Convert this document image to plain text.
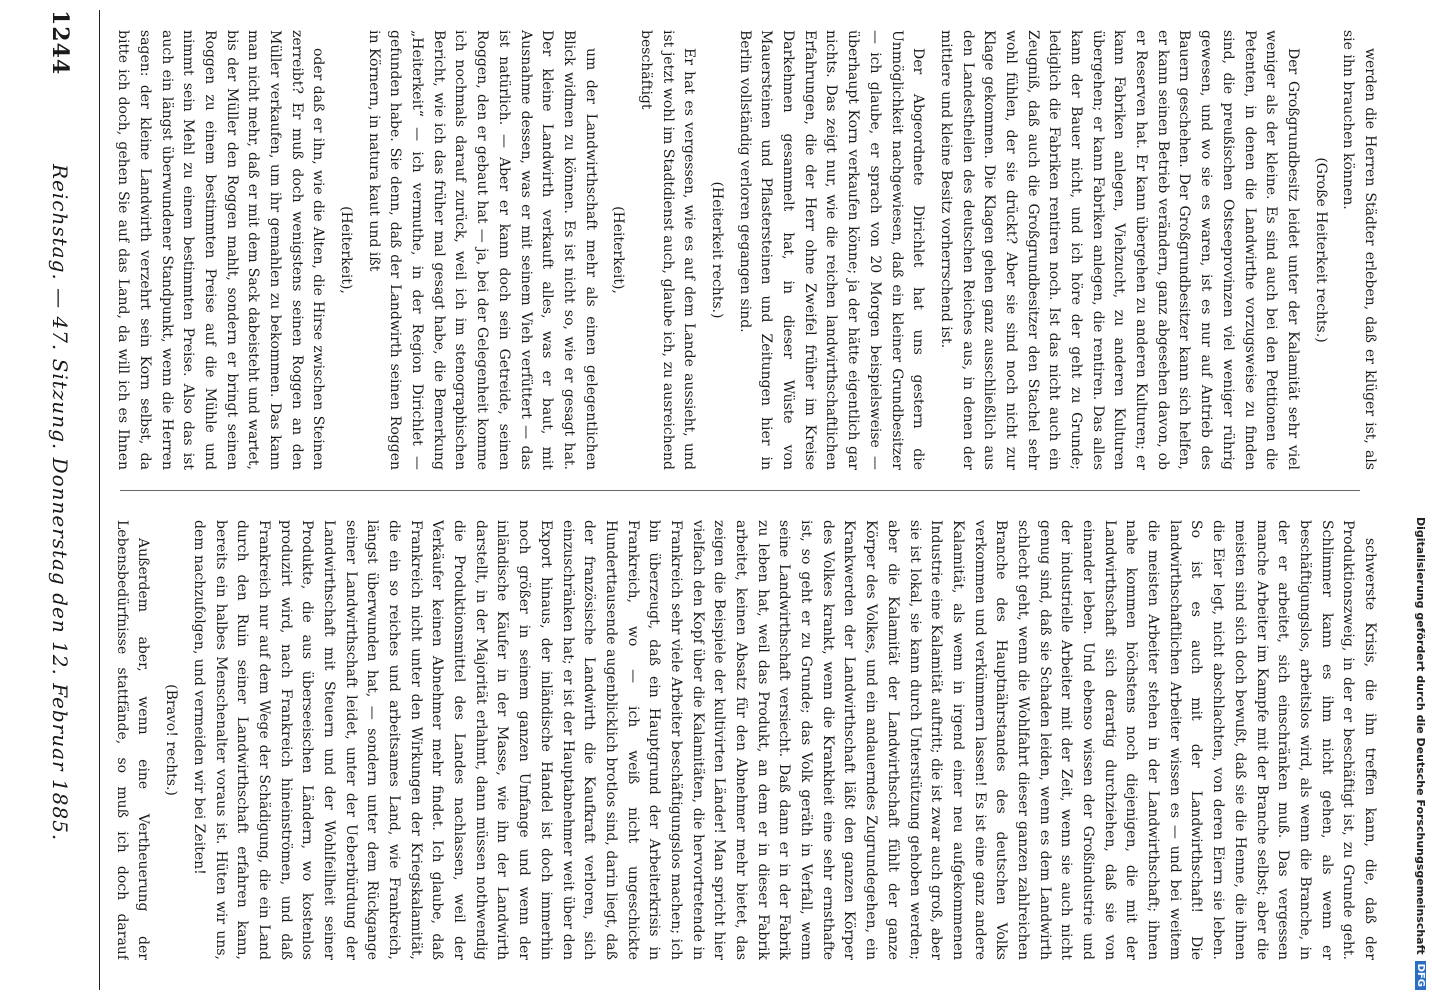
1244
Reichstag. — 47. Sitzung. Donnerstag den 12. Februar 1885.	werden die Herren Städter erleben, daß er klüger ist, als sie ihn brauchen können.

(Große Heiterkeit rechts.)

Der Großgrundbesitz leidet unter der Kalamität sehr viel weniger als der kleine. Es sind auch bei den Petitionen die Petenten, in denen die Landwirthe vorzugsweise zu finden sind, die preußischen Ostseeprovinzen viel weniger rührig gewesen, und wo sie es waren, ist es nur auf Antrieb des Bauern geschehen. Der Großgrundbesitzer kann sich helfen, er kann seinen Betrieb verändern, ganz abgesehen davon, ob er Reserven hat. Er kann übergehen zu anderen Kulturen; er kann Fabriken anlegen, Viehzucht, zu anderen Kulturen übergehen; er kann Fabriken anlegen, die rentiren. Das alles kann der Bauer nicht, und ich höre der geht zu Grunde; lediglich die Fabriken rentiren noch. Ist das nicht auch ein Zeugniß, daß auch die Großgrundbesitzer den Stachel sehr wohl fühlen, der sie drückt? Aber sie sind noch nicht zur Klage gekommen. Die Klagen gehen ganz ausschließlich aus den Landestheilen des deutschen Reiches aus, in denen der mittlere und kleine Besitz vorherrschend ist.

Der Abgeordnete Dirichlet hat uns gestern die Unmöglichkeit nachgewiesen, daß ein kleiner Grundbesitzer — ich glaube, er sprach von 20 Morgen beispielsweise — überhaupt Korn verkaufen könne; ja der hätte eigentlich gar nichts. Das zeigt nur, wie die reichen landwirthschaftlichen Erfahrungen, die der Herr ohne Zweifel früher im Kreise Darkehmen gesammelt hat, in dieser Wüste von Mauersteinen und Pflastersteinen und Zeitungen hier in Berlin vollständig verloren gegangen sind.

(Heiterkeit rechts.)

Er hat es vergessen, wie es auf dem Lande aussieht, und ist jetzt wohl im Stadtdienst auch, glaube ich, zu ausreichend beschäftigt

(Heiterkeit),

um der Landwirthschaft mehr als einen gelegentlichen Blick widmen zu können. Es ist nicht so, wie er gesagt hat. Der kleine Landwirth verkauft alles, was er baut, mit Ausnahme dessen, was er mit seinem Vieh verfüttert — das ist natürlich. — Aber er kann doch sein Getreide, seinen Roggen, den er gebaut hat — ja, bei der Gelegenheit komme ich nochmals darauf zurück, weil ich im stenographischen Bericht, wie ich das früher mal gesagt habe, die Bemerkung „Heiterkeit“ — ich vermuthe, in der Region Dirichlet — gefunden habe. Sie denn, daß der Landwirth seinen Roggen in Körnern, in natura kaut und ißt

(Heiterkeit),

oder daß er ihn, wie die Alten, die Hirse zwischen Steinen zerreibt? Er muß doch wenigstens seinen Roggen an den Müller verkaufen, um ihr gemahlen zu bekommen. Das kann man nicht mehr, daß er mit dem Sack dabeisteht und wartet, bis der Müller den Roggen mahlt, sondern er bringt seinen Roggen zu einem bestimmten Preise auf die Mühle und nimmt sein Mehl zu einem bestimmten Preise. Also das ist auch ein längst überwundener Standpunkt, wenn die Herren sagen: der kleine Landwirth verzehrt sein Korn selbst, da bitte ich doch, gehen Sie auf das Land, da will ich es Ihnen

schwerste Krisis, die ihn treffen kann, die, daß der Produktionszweig, in der er beschäftigt ist, zu Grunde geht. Schlimmer kann es ihm nicht gehen, als wenn er beschäftigungslos, arbeitslos wird, als wenn die Branche, in der er arbeitet, sich einschränken muß. Das vergessen manche Arbeiter im Kampfe mit der Branche selbst; aber die meisten sind sich doch bewußt, daß sie die Henne, die ihnen die Eier legt, nicht abschlachten, von deren Eiern sie leben. So ist es auch mit der Landwirthschaft! Die landwirthschaftlichen Arbeiter wissen es — und bei weitem die meisten Arbeiter stehen in der Landwirthschaft; ihnen nahe kommen höchstens noch diejenigen, die mit der Landwirthschaft sich derartig durchziehen, daß sie von einander leben. Und ebenso wissen der Großindustrie und der industrielle Arbeiter mit der Zeit, wenn sie auch nicht genug sind, daß sie Schaden leiden, wenn es dem Landwirth schlecht geht, wenn die Wohlfahrt dieser ganzen zahlreichen Branche des Hauptnährstandes des deutschen Volks verkommen und verkümmern lassen! Es ist eine ganz andere Kalamität, als wenn in irgend einer neu aufgekommenen Industrie eine Kalamität auftritt; die ist zwar auch groß, aber sie ist lokal, sie kann durch Unterstützung gehoben werden; aber die Kalamität der Landwirthschaft fühlt der ganze Körper des Volkes, und ein andauerndes Zugrundegehen, ein Krankwerden der Landwirthschaft läßt den ganzen Körper des Volkes krankt, wenn die Krankheit eine sehr ernsthafte ist, so geht er zu Grunde; das Volk geräth in Verfall, wenn seine Landwirthschaft versiecht. Daß dann er in der Fabrik zu leben hat, weil das Produkt, an dem er in dieser Fabrik arbeitet, keinen Absatz für den Abnehmer mehr bietet, das zeigen die Beispiele der kultivirten Länder! Man spricht hier vielfach den Kopf über die Kalamitäten, die hervortretende in Frankreich sehr viele Arbeiter beschäftigungslos machen; ich bin überzeugt, daß ein Hauptgrund der Arbeiterkrisis in Frankreich, wo — ich weiß nicht ungeschickte Hunderttausende augenblicklich brotlos sind, darin liegt, daß der französische Landwirth die Kaufkraft verloren, sich einzuschränken hat; er ist der Hauptabnehmer weit über den Export hinaus, der inländische Handel ist doch immerhin noch größer in seinem ganzen Umfange und wenn der inländische Käufer in der Masse, wie ihn der Landwirth darstellt, in der Majorität erlahmt, dann müssen nothwendig die Produktionsmittel des Landes nachlassen, weil der Verkäufer keinen Abnehmer mehr findet. Ich glaube, daß Frankreich nicht unter den Wirkungen der Kriegskalamität, die ein so reiches und arbeitsames Land, wie Frankreich, längst überwunden hat, — sondern unter dem Rückgange seiner Landwirthschaft leidet, unter der Ueberbürdung der Landwirthschaft mit Steuern und der Wohlfeilheit seiner Produkte, die aus überseeischen Ländern, wo kostenlos produzirt wird, nach Frankreich hineinströmen, und daß Frankreich nur auf dem Wege der Schädigung, die ein Land durch den Ruin seiner Landwirthschaft erfahren kann, bereits ein halbes Menschenalter voraus ist. Hüten wir uns, dem nachzufolgen, und vermeiden wir bei Zeiten!

(Bravo! rechts.)

Außerdem aber, wenn eine Vertheuerung der Lebensbedürfnisse stattfände, so muß ich doch darauf	Digitalisierung gefördert durch die Deutsche Forschungsgemeinschaft
DFG
